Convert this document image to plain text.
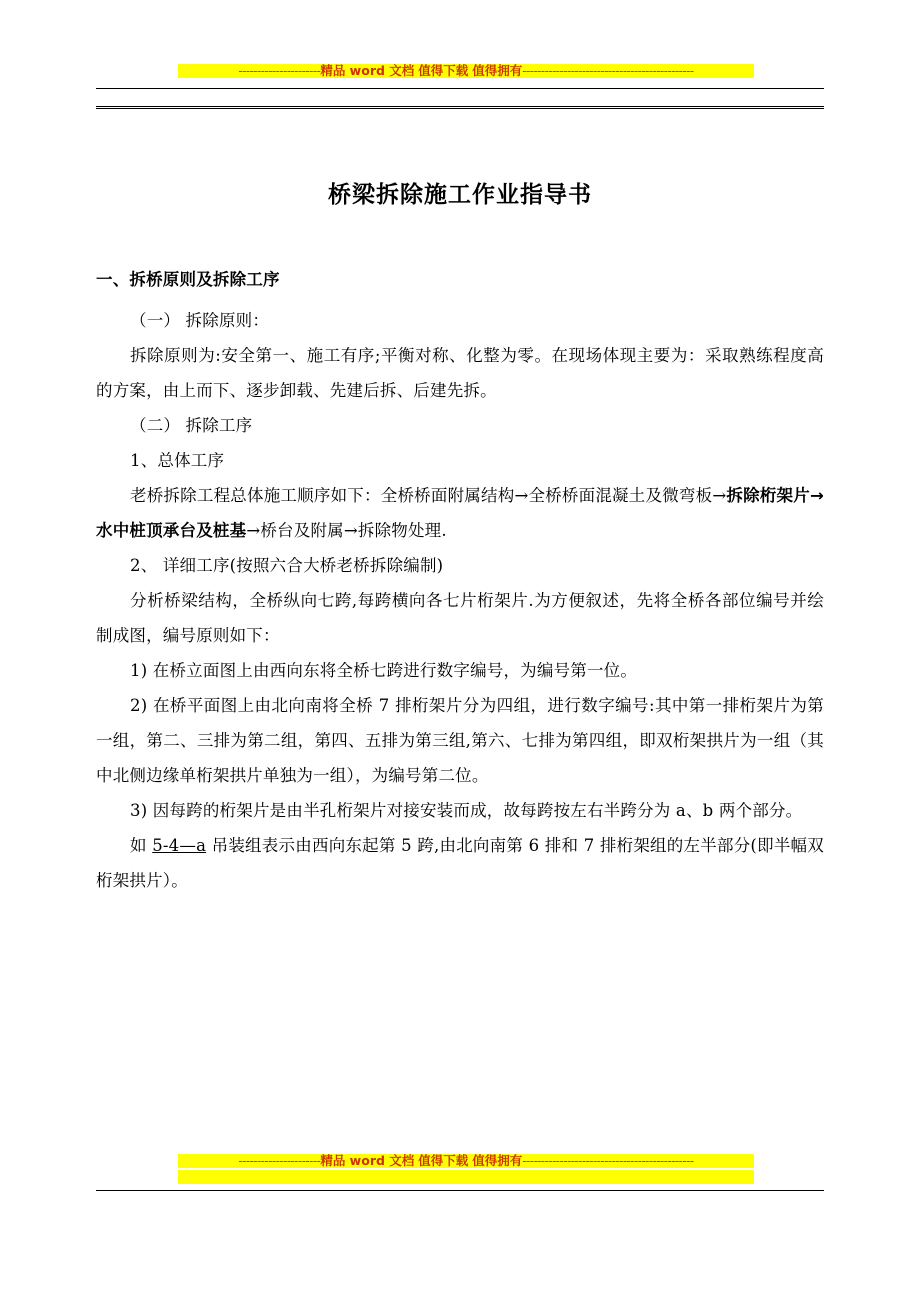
----------------------精品 word 文档 值得下载 值得拥有----------------------------------------------
桥梁拆除施工作业指导书

一、拆桥原则及拆除工序

（一） 拆除原则：

拆除原则为:安全第一、施工有序;平衡对称、化整为零。在现场体现主要为：采取熟练程度高的方案，由上而下、逐步卸载、先建后拆、后建先拆。

（二） 拆除工序

1、总体工序

老桥拆除工程总体施工顺序如下：全桥桥面附属结构→全桥桥面混凝土及微弯板→拆除桁架片→水中桩顶承台及桩基→桥台及附属→拆除物处理.

2、 详细工序(按照六合大桥老桥拆除编制)

分析桥梁结构，全桥纵向七跨,每跨横向各七片桁架片.为方便叙述，先将全桥各部位编号并绘制成图，编号原则如下：

1) 在桥立面图上由西向东将全桥七跨进行数字编号，为编号第一位。

2) 在桥平面图上由北向南将全桥 7 排桁架片分为四组，进行数字编号:其中第一排桁架片为第一组，第二、三排为第二组，第四、五排为第三组,第六、七排为第四组，即双桁架拱片为一组（其中北侧边缘单桁架拱片单独为一组），为编号第二位。

3) 因每跨的桁架片是由半孔桁架片对接安装而成，故每跨按左右半跨分为 a、b 两个部分。

如 5-4—a 吊装组表示由西向东起第 5 跨,由北向南第 6 排和 7 排桁架组的左半部分(即半幅双桁架拱片）。

----------------------精品 word 文档 值得下载 值得拥有----------------------------------------------
